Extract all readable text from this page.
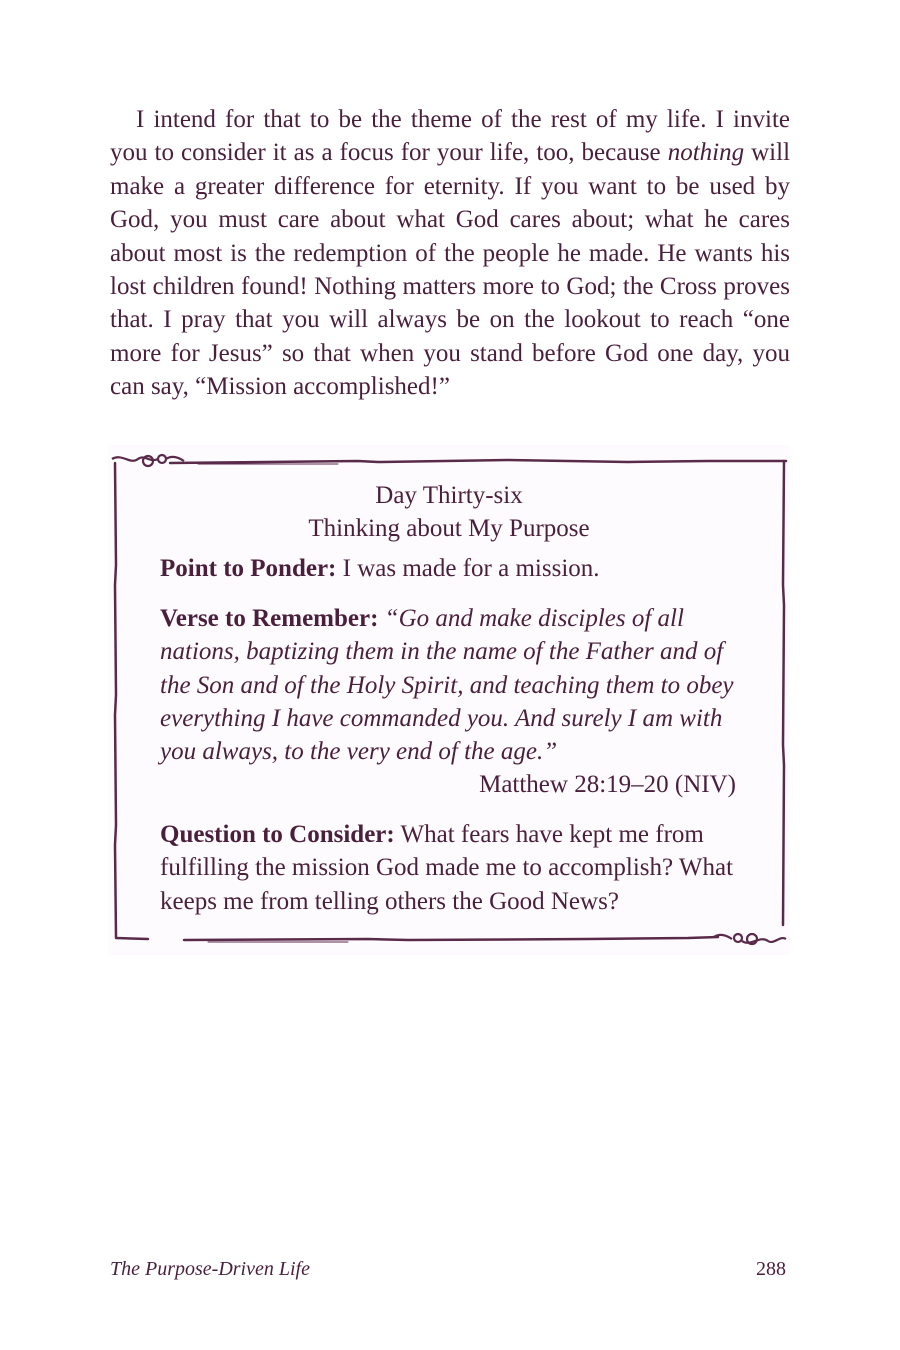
I intend for that to be the theme of the rest of my life. I invite you to consider it as a focus for your life, too, because nothing will make a greater difference for eternity. If you want to be used by God, you must care about what God cares about; what he cares about most is the redemption of the people he made. He wants his lost children found! Nothing matters more to God; the Cross proves that. I pray that you will always be on the lookout to reach “one more for Jesus” so that when you stand before God one day, you can say, “Mission accomplished!”

Day Thirty-six

Thinking about My Purpose

Point to Ponder: I was made for a mission.

Verse to Remember: “Go and make disciples of all nations, baptizing them in the name of the Father and of the Son and of the Holy Spirit, and teaching them to obey everything I have commanded you. And surely I am with you always, to the very end of the age.”

Matthew 28:19–20 (NIV)

Question to Consider: What fears have kept me from fulfilling the mission God made me to accomplish? What keeps me from telling others the Good News?

The Purpose-Driven Life	288
